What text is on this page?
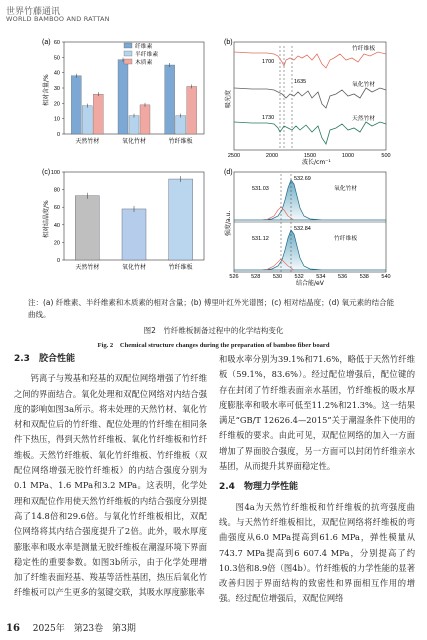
世界竹藤通讯
WORLD BAMBOO AND RATTAN
(a)
0
10
20
30
40
50
60
相对含量/%
天然竹材	氧化竹材	竹纤维板
纤维素
半纤维素
木质素
(b)
1700
1635
1730
竹纤维板
氧化竹材
天然竹材
吸光度
2500	2000	1500	1000	500
波长/cm⁻¹
(c)
0
20
40
60
80
100
相对结晶度/%
天然竹材	氧化竹材	竹纤维板
(d)
532.69
531.03
532.84
531.12
氧化竹材
竹纤维板
强度/a.u.
526 528 530 532 534 536 538 540
结合能/eV
注：(a) 纤维素、半纤维素和木质素的相对含量；(b) 傅里叶红外光谱图；(c) 相对结晶度；(d) 氧元素的结合能曲线。
图2　竹纤维板制备过程中的化学结构变化
Fig. 2　Chemical structure changes during the preparation of bamboo fiber board
2.3　胶合性能

钙离子与羧基和羟基的双配位网络增强了竹纤维之间的界面结合。氧化处理和双配位网络对内结合强度的影响如图3a所示。将未处理的天然竹材、氧化竹材和双配位后的竹纤维、配位处理的竹纤维在相同条件下热压，得到天然竹纤维板、氧化竹纤维板和竹纤维板。天然竹纤维板、氧化竹纤维板、竹纤维板（双配位网络增强无胶竹纤维板）的内结合强度分别为0.1 MPa、1.6 MPa和3.2 MPa。这表明，化学处理和双配位作用使天然竹纤维板的内结合强度分别提高了14.8倍和29.6倍。与氧化竹纤维板相比，双配位网络将其内结合强度提升了2倍。此外，吸水厚度膨胀率和吸水率是测量无胶纤维板在潮湿环境下界面稳定性的重要参数。如图3b所示，由于化学处理增加了纤维表面羟基、羧基等活性基团，热压后氧化竹纤维板可以产生更多的氢键交联，其吸水厚度膨胀率

和吸水率分别为39.1%和71.6%，略低于天然竹纤维板（59.1%，83.6%）。经过配位增强后，配位键的存在封闭了竹纤维表面亲水基团，竹纤维板的吸水厚度膨胀率和吸水率可低至11.2%和21.3%。这一结果满足“GB/T 12626.4—2015”关于潮湿条件下使用的纤维板的要求。由此可见，双配位网络的加入一方面增加了界面胶合强度，另一方面可以封闭竹纤维亲水基团，从而提升其界面稳定性。

2.4　物理力学性能

图4a为天然竹纤维板和竹纤维板的抗弯强度曲线。与天然竹纤维板相比，双配位网络将纤维板的弯曲强度从6.0 MPa提高到61.6 MPa，弹性模量从743.7 MPa提高到6 607.4 MPa，分别提高了约10.3倍和8.9倍（图4b）。竹纤维板的力学性能的显著改善归因于界面结构的致密性和界面相互作用的增强。经过配位增强后，双配位网络

16 2025年　第23卷　第3期
